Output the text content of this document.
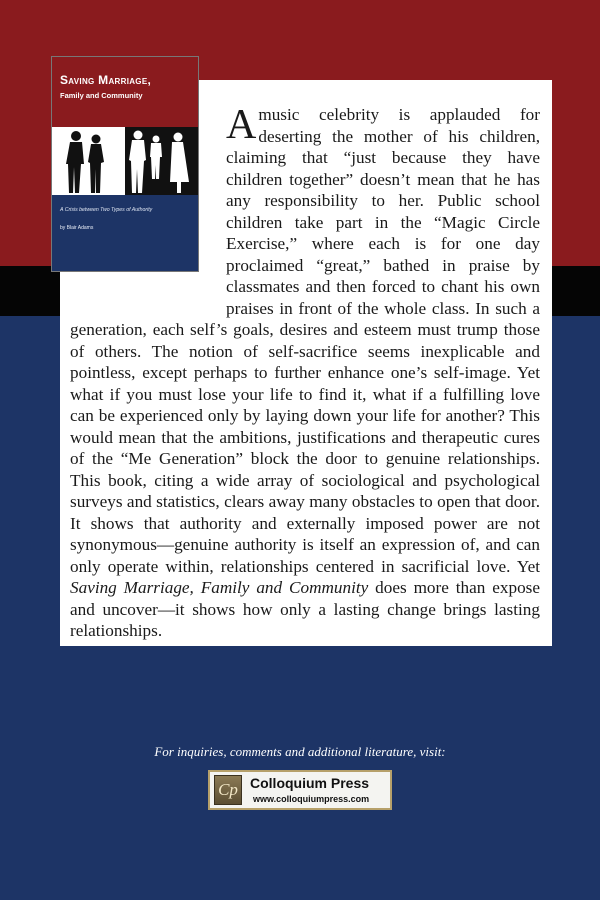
A music celebrity is applauded for deserting the mother of his children, claiming that “just because they have children together” doesn’t mean that he has any responsibility to her. Public school children take part in the “Magic Circle Exercise,” where each is for one day proclaimed “great,” bathed in praise by classmates and then forced to chant his own praises in front of the whole class. In such a generation, each self’s goals, desires and esteem must trump those of others. The notion of self-sacrifice seems inexplicable and pointless, except perhaps to further enhance one’s self-image. Yet what if you must lose your life to find it, what if a fulfilling love can be experienced only by laying down your life for another? This would mean that the ambitions, justifications and therapeutic cures of the “Me Generation” block the door to genuine relationships. This book, citing a wide array of sociological and psychological surveys and statistics, clears away many obstacles to open that door. It shows that authority and externally imposed power are not synonymous—genuine authority is itself an expression of, and can only operate within, relationships centered in sacrificial love. Yet Saving Marriage, Family and Community does more than expose and uncover—it shows how only a lasting change brings lasting relationships.

Saving Marriage,
Family and Community
A Crisis between Two Types of Authority
by Blair Adams
For inquiries, comments and additional literature, visit:
Cp Colloquium Press
www.colloquiumpress.com
